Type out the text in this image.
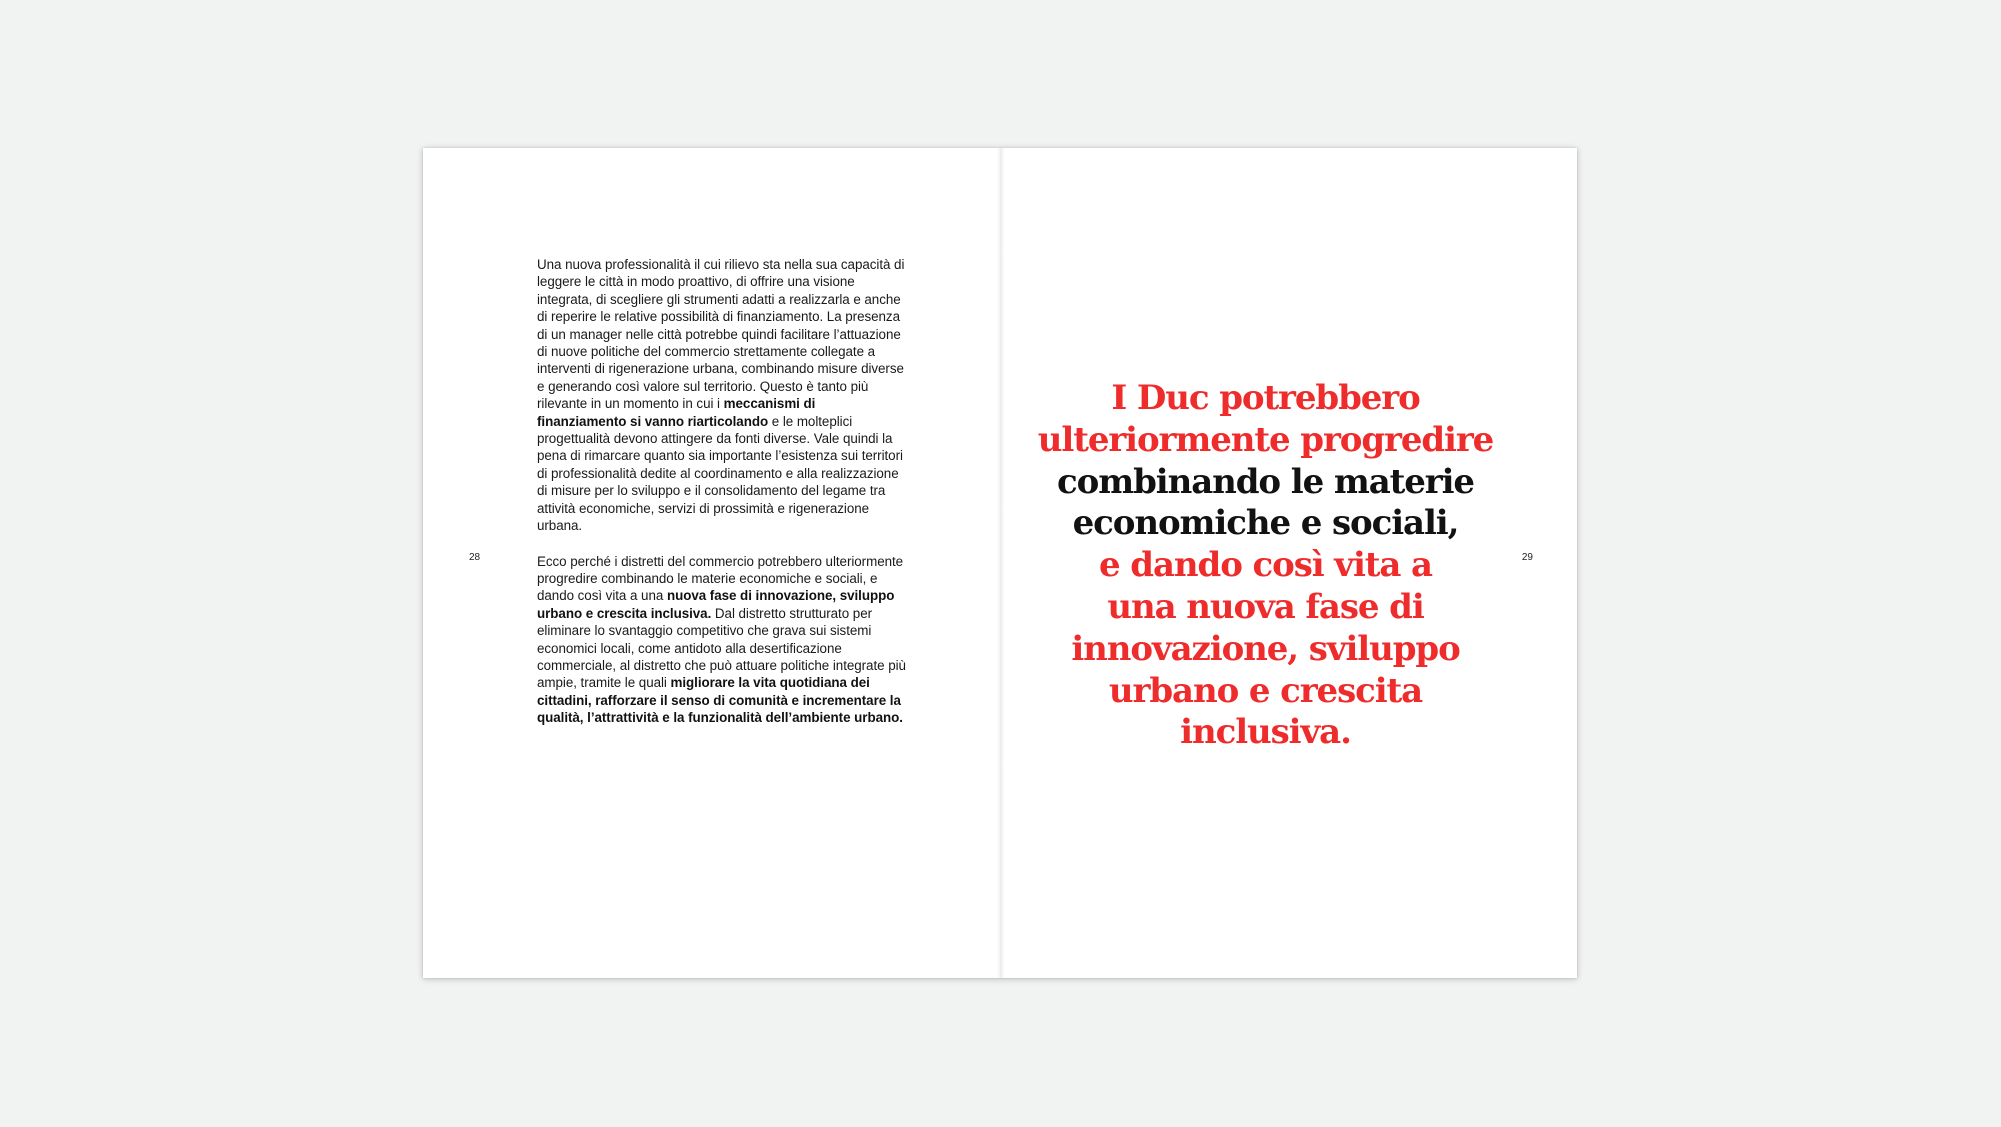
Una nuova professionalità il cui rilievo sta nella sua capacità di leggere le città in modo proattivo, di offrire una visione integrata, di scegliere gli strumenti adatti a realizzarla e anche di reperire le relative possibilità di finanziamento. La presenza di un manager nelle città potrebbe quindi facilitare l’attuazione di nuove politiche del commercio strettamente collegate a interventi di rigenerazione urbana, combinando misure diverse e generando così valore sul territorio. Questo è tanto più rilevante in un momento in cui i meccanismi di finanziamento si vanno riarticolando e le molteplici progettualità devono attingere da fonti diverse. Vale quindi la pena di rimarcare quanto sia importante l’esistenza sui territori di professionalità dedite al coordinamento e alla realizzazione di misure per lo sviluppo e il consolidamento del legame tra attività economiche, servizi di prossimità e rigenerazione urbana.

Ecco perché i distretti del commercio potrebbero ulteriormente progredire combinando le materie economiche e sociali, e dando così vita a una nuova fase di innovazione, sviluppo urbano e crescita inclusiva. Dal distretto strutturato per eliminare lo svantaggio competitivo che grava sui sistemi economici locali, come antidoto alla desertificazione commerciale, al distretto che può attuare politiche integrate più ampie, tramite le quali migliorare la vita quotidiana dei cittadini, rafforzare il senso di comunità e incrementare la qualità, l’attrattività e la funzionalità dell’ambiente urbano.

28
I Duc potrebbero
ulteriormente progredire
combinando le materie
economiche e sociali,
e dando così vita a
una nuova fase di
innovazione, sviluppo
urbano e crescita
inclusiva.
29
